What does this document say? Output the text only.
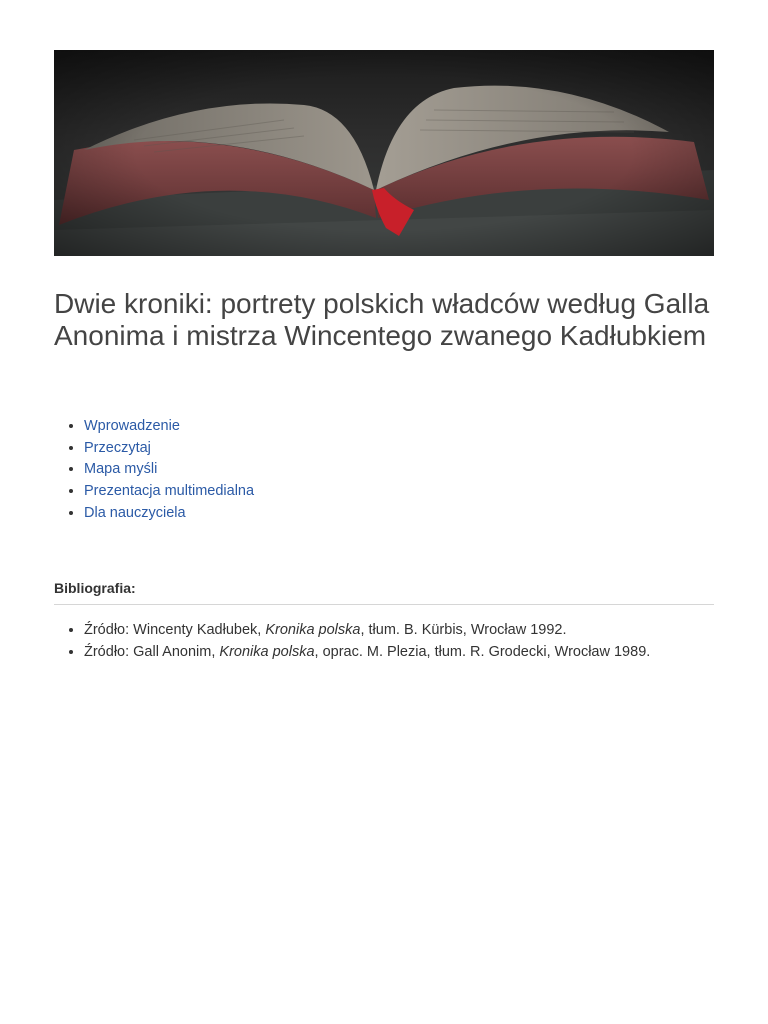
Dwie kroniki: portrety polskich władców według Galla Anonima i mistrza Wincentego zwanego Kadłubkiem
• Wprowadzenie
• Przeczytaj
• Mapa myśli
• Prezentacja multimedialna
• Dla nauczyciela
Bibliografia:
• Źródło: Wincenty Kadłubek, Kronika polska, tłum. B. Kürbis, Wrocław 1992.
• Źródło: Gall Anonim, Kronika polska, oprac. M. Plezia, tłum. R. Grodecki, Wrocław 1989.
